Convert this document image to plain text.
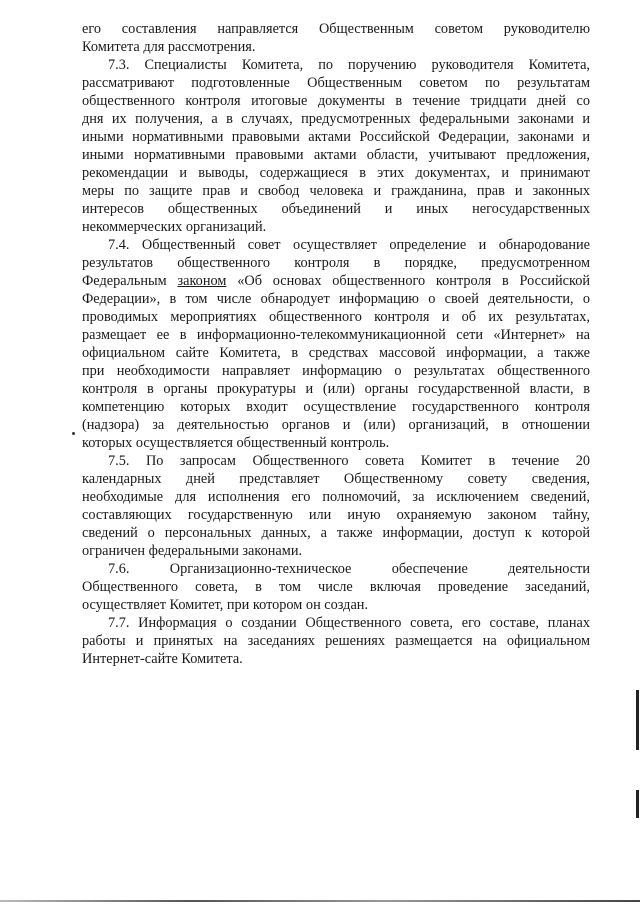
его составления направляется Общественным советом руководителю
Комитета для рассмотрения.
7.3. Специалисты Комитета, по поручению руководителя Комитета,
рассматривают подготовленные Общественным советом по результатам
общественного контроля итоговые документы в течение тридцати дней со
дня их получения, а в случаях, предусмотренных федеральными законами и
иными нормативными правовыми актами Российской Федерации, законами и
иными нормативными правовыми актами области, учитывают предложения,
рекомендации и выводы, содержащиеся в этих документах, и принимают
меры по защите прав и свобод человека и гражданина, прав и законных
интересов общественных объединений и иных негосударственных
некоммерческих организаций.
7.4. Общественный совет осуществляет определение и обнародование
результатов общественного контроля в порядке, предусмотренном
Федеральным законом «Об основах общественного контроля в Российской
Федерации», в том числе обнародует информацию о своей деятельности, о
проводимых мероприятиях общественного контроля и об их результатах,
размещает ее в информационно-телекоммуникационной сети «Интернет» на
официальном сайте Комитета, в средствах массовой информации, а также
при необходимости направляет информацию о результатах общественного
контроля в органы прокуратуры и (или) органы государственной власти, в
компетенцию которых входит осуществление государственного контроля
(надзора) за деятельностью органов и (или) организаций, в отношении
которых осуществляется общественный контроль.
7.5. По запросам Общественного совета Комитет в течение 20
календарных дней представляет Общественному совету сведения,
необходимые для исполнения его полномочий, за исключением сведений,
составляющих государственную или иную охраняемую законом тайну,
сведений о персональных данных, а также информации, доступ к которой
ограничен федеральными законами.
7.6. Организационно-техническое обеспечение деятельности
Общественного совета, в том числе включая проведение заседаний,
осуществляет Комитет, при котором он создан.
7.7. Информация о создании Общественного совета, его составе, планах
работы и принятых на заседаниях решениях размещается на официальном
Интернет-сайте Комитета.
